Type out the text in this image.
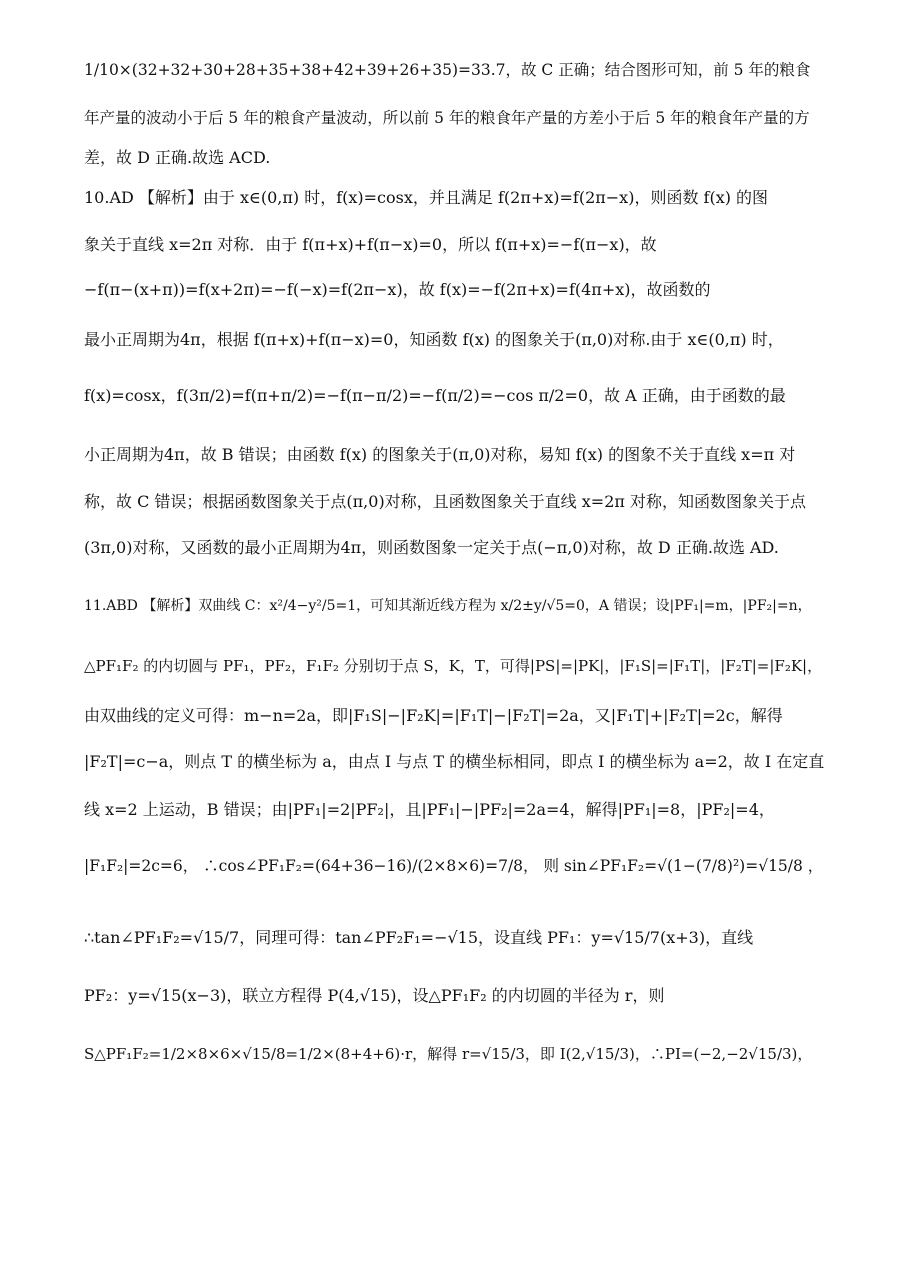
1/10×(32+32+30+28+35+38+42+39+26+35)=33.7，故 C 正确；结合图形可知，前 5 年的粮食
年产量的波动小于后 5 年的粮食产量波动，所以前 5 年的粮食年产量的方差小于后 5 年的粮食年产量的方
差，故 D 正确.故选 ACD.
10.AD 【解析】由于 x∈(0,π) 时，f(x)=cosx，并且满足 f(2π+x)=f(2π−x)，则函数 f(x) 的图
象关于直线 x=2π 对称．由于 f(π+x)+f(π−x)=0，所以 f(π+x)=−f(π−x)，故
−f(π−(x+π))=f(x+2π)=−f(−x)=f(2π−x)，故 f(x)=−f(2π+x)=f(4π+x)，故函数的
最小正周期为4π，根据 f(π+x)+f(π−x)=0，知函数 f(x) 的图象关于(π,0)对称.由于 x∈(0,π) 时，
f(x)=cosx，f(3π/2)=f(π+π/2)=−f(π−π/2)=−f(π/2)=−cos π/2=0，故 A 正确，由于函数的最
小正周期为4π，故 B 错误；由函数 f(x) 的图象关于(π,0)对称，易知 f(x) 的图象不关于直线 x=π 对
称，故 C 错误；根据函数图象关于点(π,0)对称，且函数图象关于直线 x=2π 对称，知函数图象关于点
(3π,0)对称，又函数的最小正周期为4π，则函数图象一定关于点(−π,0)对称，故 D 正确.故选 AD.
11.ABD 【解析】双曲线 C：x²/4−y²/5=1，可知其渐近线方程为 x/2±y/√5=0，A 错误；设|PF₁|=m，|PF₂|=n，
△PF₁F₂ 的内切圆与 PF₁，PF₂，F₁F₂ 分别切于点 S，K，T，可得|PS|=|PK|，|F₁S|=|F₁T|，|F₂T|=|F₂K|，
由双曲线的定义可得：m−n=2a，即|F₁S|−|F₂K|=|F₁T|−|F₂T|=2a，又|F₁T|+|F₂T|=2c，解得
|F₂T|=c−a，则点 T 的横坐标为 a，由点 I 与点 T 的横坐标相同，即点 I 的横坐标为 a=2，故 I 在定直
线 x=2 上运动，B 错误；由|PF₁|=2|PF₂|，且|PF₁|−|PF₂|=2a=4，解得|PF₁|=8，|PF₂|=4，
|F₁F₂|=2c=6， ∴cos∠PF₁F₂=(64+36−16)/(2×8×6)=7/8， 则 sin∠PF₁F₂=√(1−(7/8)²)=√15/8 ，
∴tan∠PF₁F₂=√15/7，同理可得：tan∠PF₂F₁=−√15，设直线 PF₁：y=√15/7(x+3)，直线
PF₂：y=√15(x−3)，联立方程得 P(4,√15)，设△PF₁F₂ 的内切圆的半径为 r，则
S△PF₁F₂=1/2×8×6×√15/8=1/2×(8+4+6)·r，解得 r=√15/3，即 I(2,√15/3)，∴PI=(−2,−2√15/3)，
